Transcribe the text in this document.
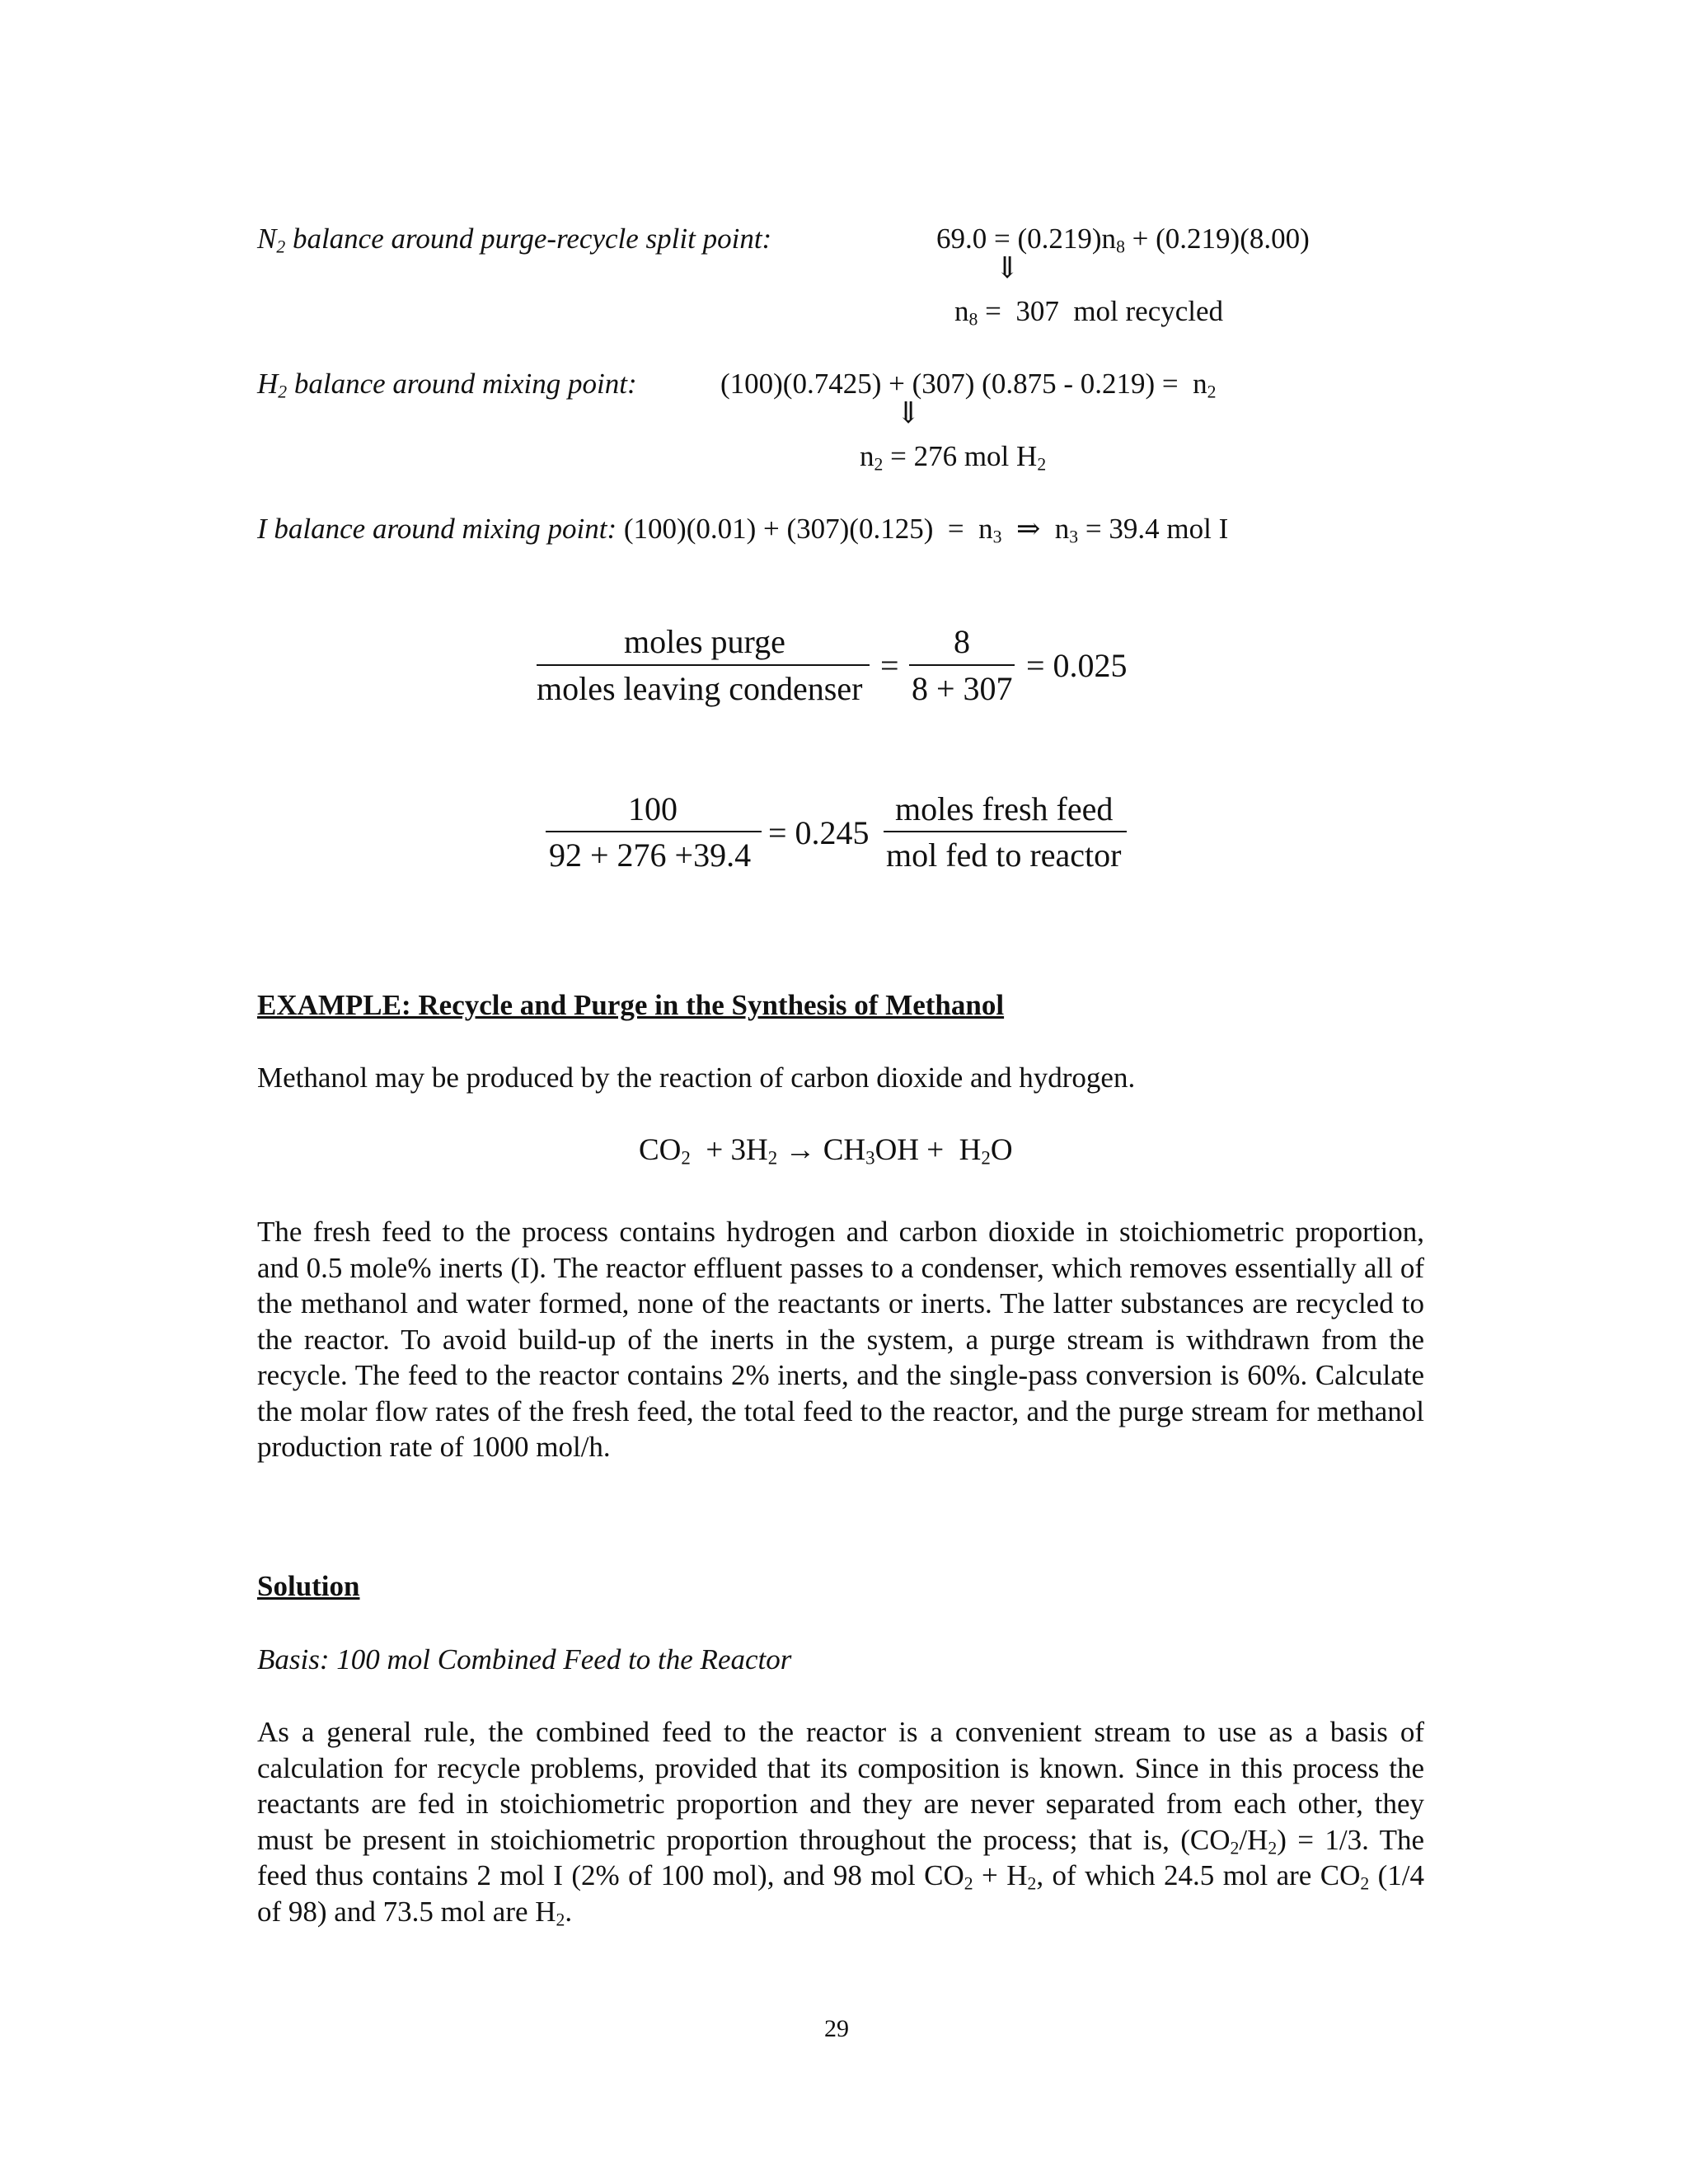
$N_2$ balance around purge-recycle split point:	$69.0 = (0.219)n_8 + (0.219)(8.00)$
⇓
$n_8 = 307$  mol recycled
$H_2$ balance around mixing point:	(100)(0.7425) + (307) $(0.875 - 0.219) = n_2$
⇓
$n_2 = 276$ mol $H_2$
I balance around mixing point: $(100)(0.01) + (307)(0.125) = n_3$ ⇒ $n_3 = 39.4$ mol I
moles purge
moles leaving condenser
=
8
8 + 307
= 0.025
100
92 + 276 +39.4
= 0.245
moles fresh feed
mol fed to reactor
EXAMPLE: Recycle and Purge in the Synthesis of Methanol
Methanol may be produced by the reaction of carbon dioxide and hydrogen.
$CO_2 + 3H_2 \to CH_3OH + H_2O$
The fresh feed to the process contains hydrogen and carbon dioxide in stoichiometric proportion, and 0.5 mole% inerts (I). The reactor effluent passes to a condenser, which removes essentially all of the methanol and water formed, none of the reactants or inerts. The latter substances are recycled to the reactor. To avoid build-up of the inerts in the system, a purge stream is withdrawn from the recycle. The feed to the reactor contains 2% inerts, and the single-pass conversion is 60%. Calculate the molar flow rates of the fresh feed, the total feed to the reactor, and the purge stream for methanol production rate of 1000 mol/h.
Solution
Basis: 100 mol Combined Feed to the Reactor
As a general rule, the combined feed to the reactor is a convenient stream to use as a basis of calculation for recycle problems, provided that its composition is known. Since in this process the reactants are fed in stoichiometric proportion and they are never separated from each other, they must be present in stoichiometric proportion throughout the process; that is, $(CO_2/H_2) = 1/3$. The feed thus contains 2 mol I (2% of 100 mol), and 98 mol $CO_2 + H_2$, of which 24.5 mol are $CO_2$ (1/4 of 98) and 73.5 mol are $H_2$.
29
